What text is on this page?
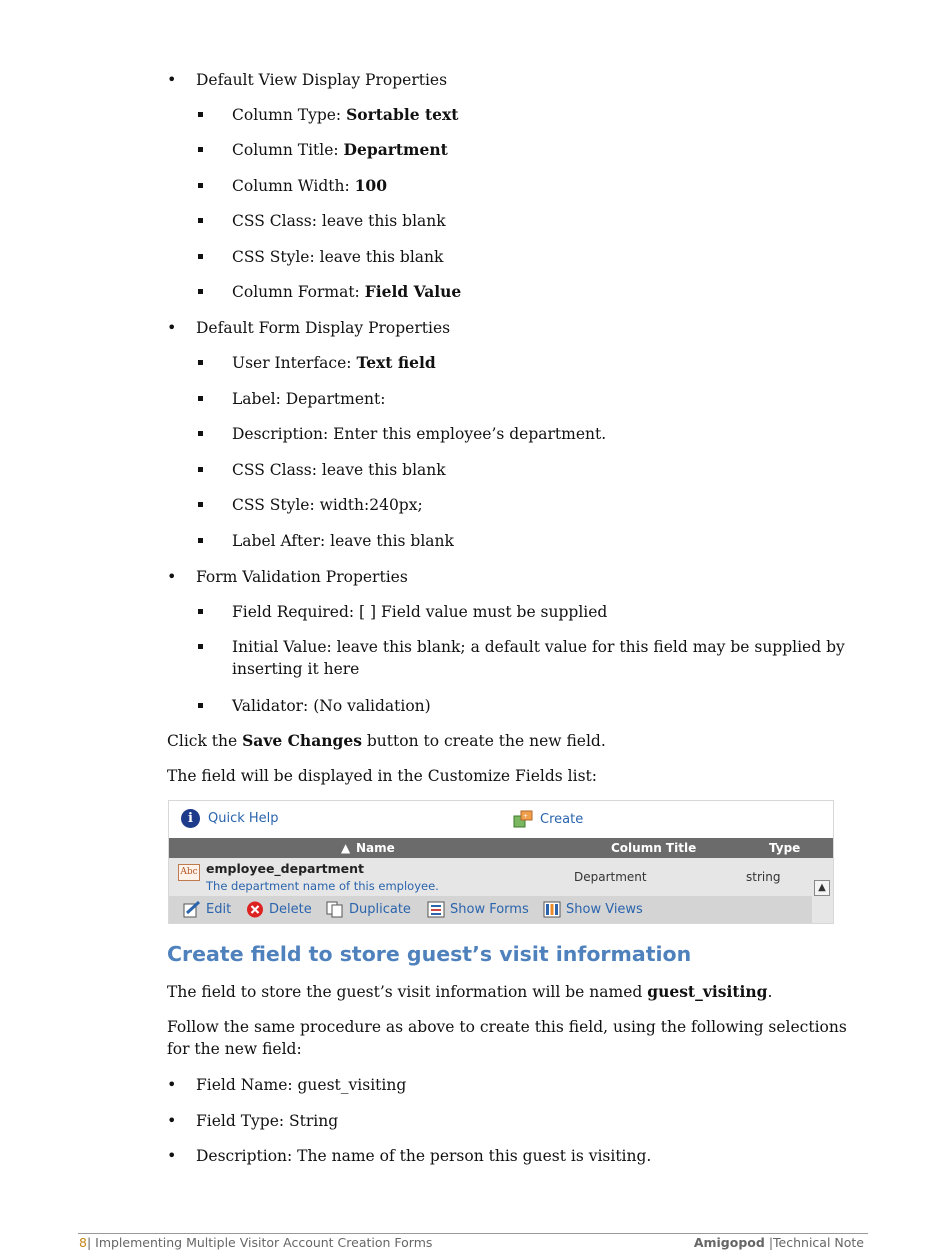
• Default View Display Properties
Column Type: Sortable text
Column Title: Department
Column Width: 100
CSS Class: leave this blank
CSS Style: leave this blank
Column Format: Field Value
• Default Form Display Properties
User Interface: Text field
Label: Department:
Description: Enter this employee’s department.
CSS Class: leave this blank
CSS Style: width:240px;
Label After: leave this blank
• Form Validation Properties
Field Required: [ ] Field value must be supplied
Initial Value: leave this blank; a default value for this field may be supplied by inserting it here
Validator: (No validation)
Click the Save Changes button to create the new field.
The field will be displayed in the Customize Fields list:
i	Quick Help	+ Create
▲ Name	Column Title	Type
Abc employee_department
The department name of this employee.
Department	string
▲
Edit	Delete	Duplicate	Show Forms	Show Views
Create field to store guest’s visit information
The field to store the guest’s visit information will be named guest_visiting.
Follow the same procedure as above to create this field, using the following selections for the new field:
• Field Name: guest_visiting
• Field Type: String
• Description: The name of the person this guest is visiting.
8| Implementing Multiple Visitor Account Creation Forms	Amigopod |Technical Note
